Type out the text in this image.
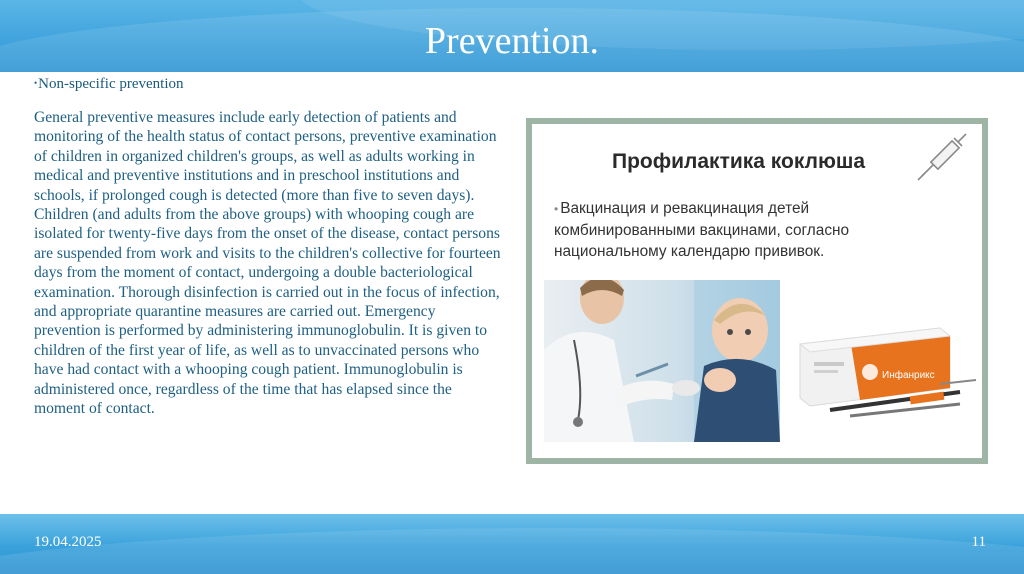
Prevention.
•Non-specific prevention
General preventive measures include early detection of patients and monitoring of the health status of contact persons, preventive examination of children in organized children's groups, as well as adults working in medical and preventive institutions and in preschool institutions and schools, if prolonged cough is detected (more than five to seven days). Children (and adults from the above groups) with whooping cough are isolated for twenty-five days from the onset of the disease, contact persons are suspended from work and visits to the children's collective for fourteen days from the moment of contact, undergoing a double bacteriological examination. Thorough disinfection is carried out in the focus of infection, and appropriate quarantine measures are carried out. Emergency prevention is performed by administering immunoglobulin. It is given to children of the first year of life, as well as to unvaccinated persons who have had contact with a whooping cough patient. Immunoglobulin is administered once, regardless of the time that has elapsed since the moment of contact.
Профилактика коклюша
• Вакцинация и ревакцинация детей комбинированными вакцинами, согласно национальному календарю прививок.
Инфанрикс
19.04.2025	11
